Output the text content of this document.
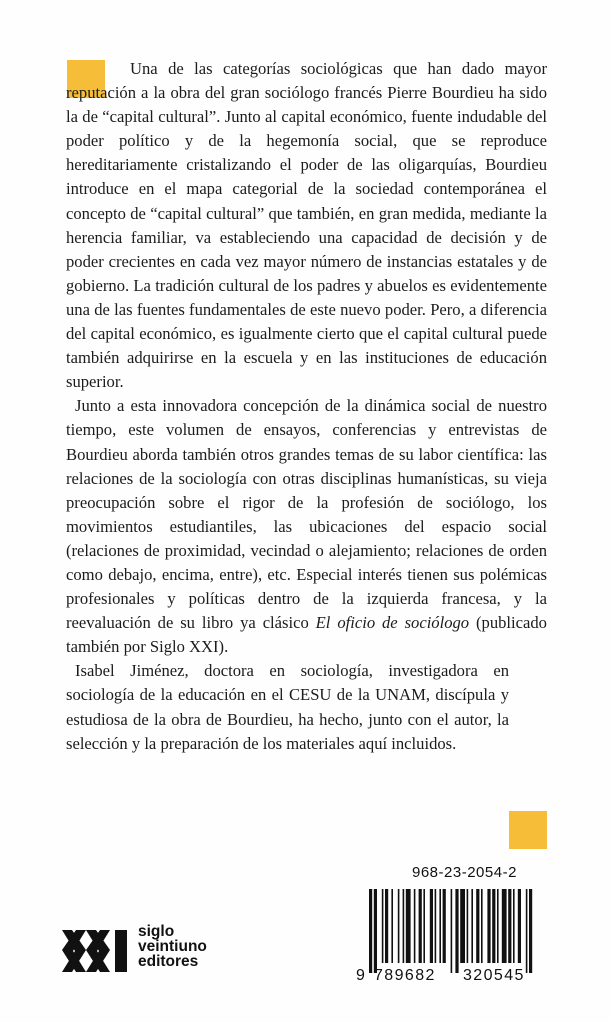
Una de las categorías sociológicas que han dado mayor reputación a la obra del gran sociólogo francés Pierre Bourdieu ha sido la de “capital cultural”. Junto al capital económico, fuente indudable del poder político y de la hegemonía social, que se reproduce hereditariamente cristalizando el poder de las oligarquías, Bourdieu introduce en el mapa categorial de la sociedad contemporánea el concepto de “capital cultural” que también, en gran medida, mediante la herencia familiar, va estableciendo una capacidad de decisión y de poder crecientes en cada vez mayor número de instancias estatales y de gobierno. La tradición cultural de los padres y abuelos es evidentemente una de las fuentes fundamentales de este nuevo poder. Pero, a diferencia del capital económico, es igualmente cierto que el capital cultural puede también adquirirse en la escuela y en las instituciones de educación superior.

Junto a esta innovadora concepción de la dinámica social de nuestro tiempo, este volumen de ensayos, conferencias y entrevistas de Bourdieu aborda también otros grandes temas de su labor científica: las relaciones de la sociología con otras disciplinas humanísticas, su vieja preocupación sobre el rigor de la profesión de sociólogo, los movimientos estudiantiles, las ubicaciones del espacio social (relaciones de proximidad, vecindad o alejamiento; relaciones de orden como debajo, encima, entre), etc. Especial interés tienen sus polémicas profesionales y políticas dentro de la izquierda francesa, y la reevaluación de su libro ya clásico El oficio de sociólogo (publicado también por Siglo XXI).

Isabel Jiménez, doctora en sociología, investigadora en sociología de la educación en el CESU de la UNAM, discípula y estudiosa de la obra de Bourdieu, ha hecho, junto con el autor, la selección y la preparación de los materiales aquí incluidos.

968-23-2054-2
9 789682 320545
siglo
veintiuno
editores
